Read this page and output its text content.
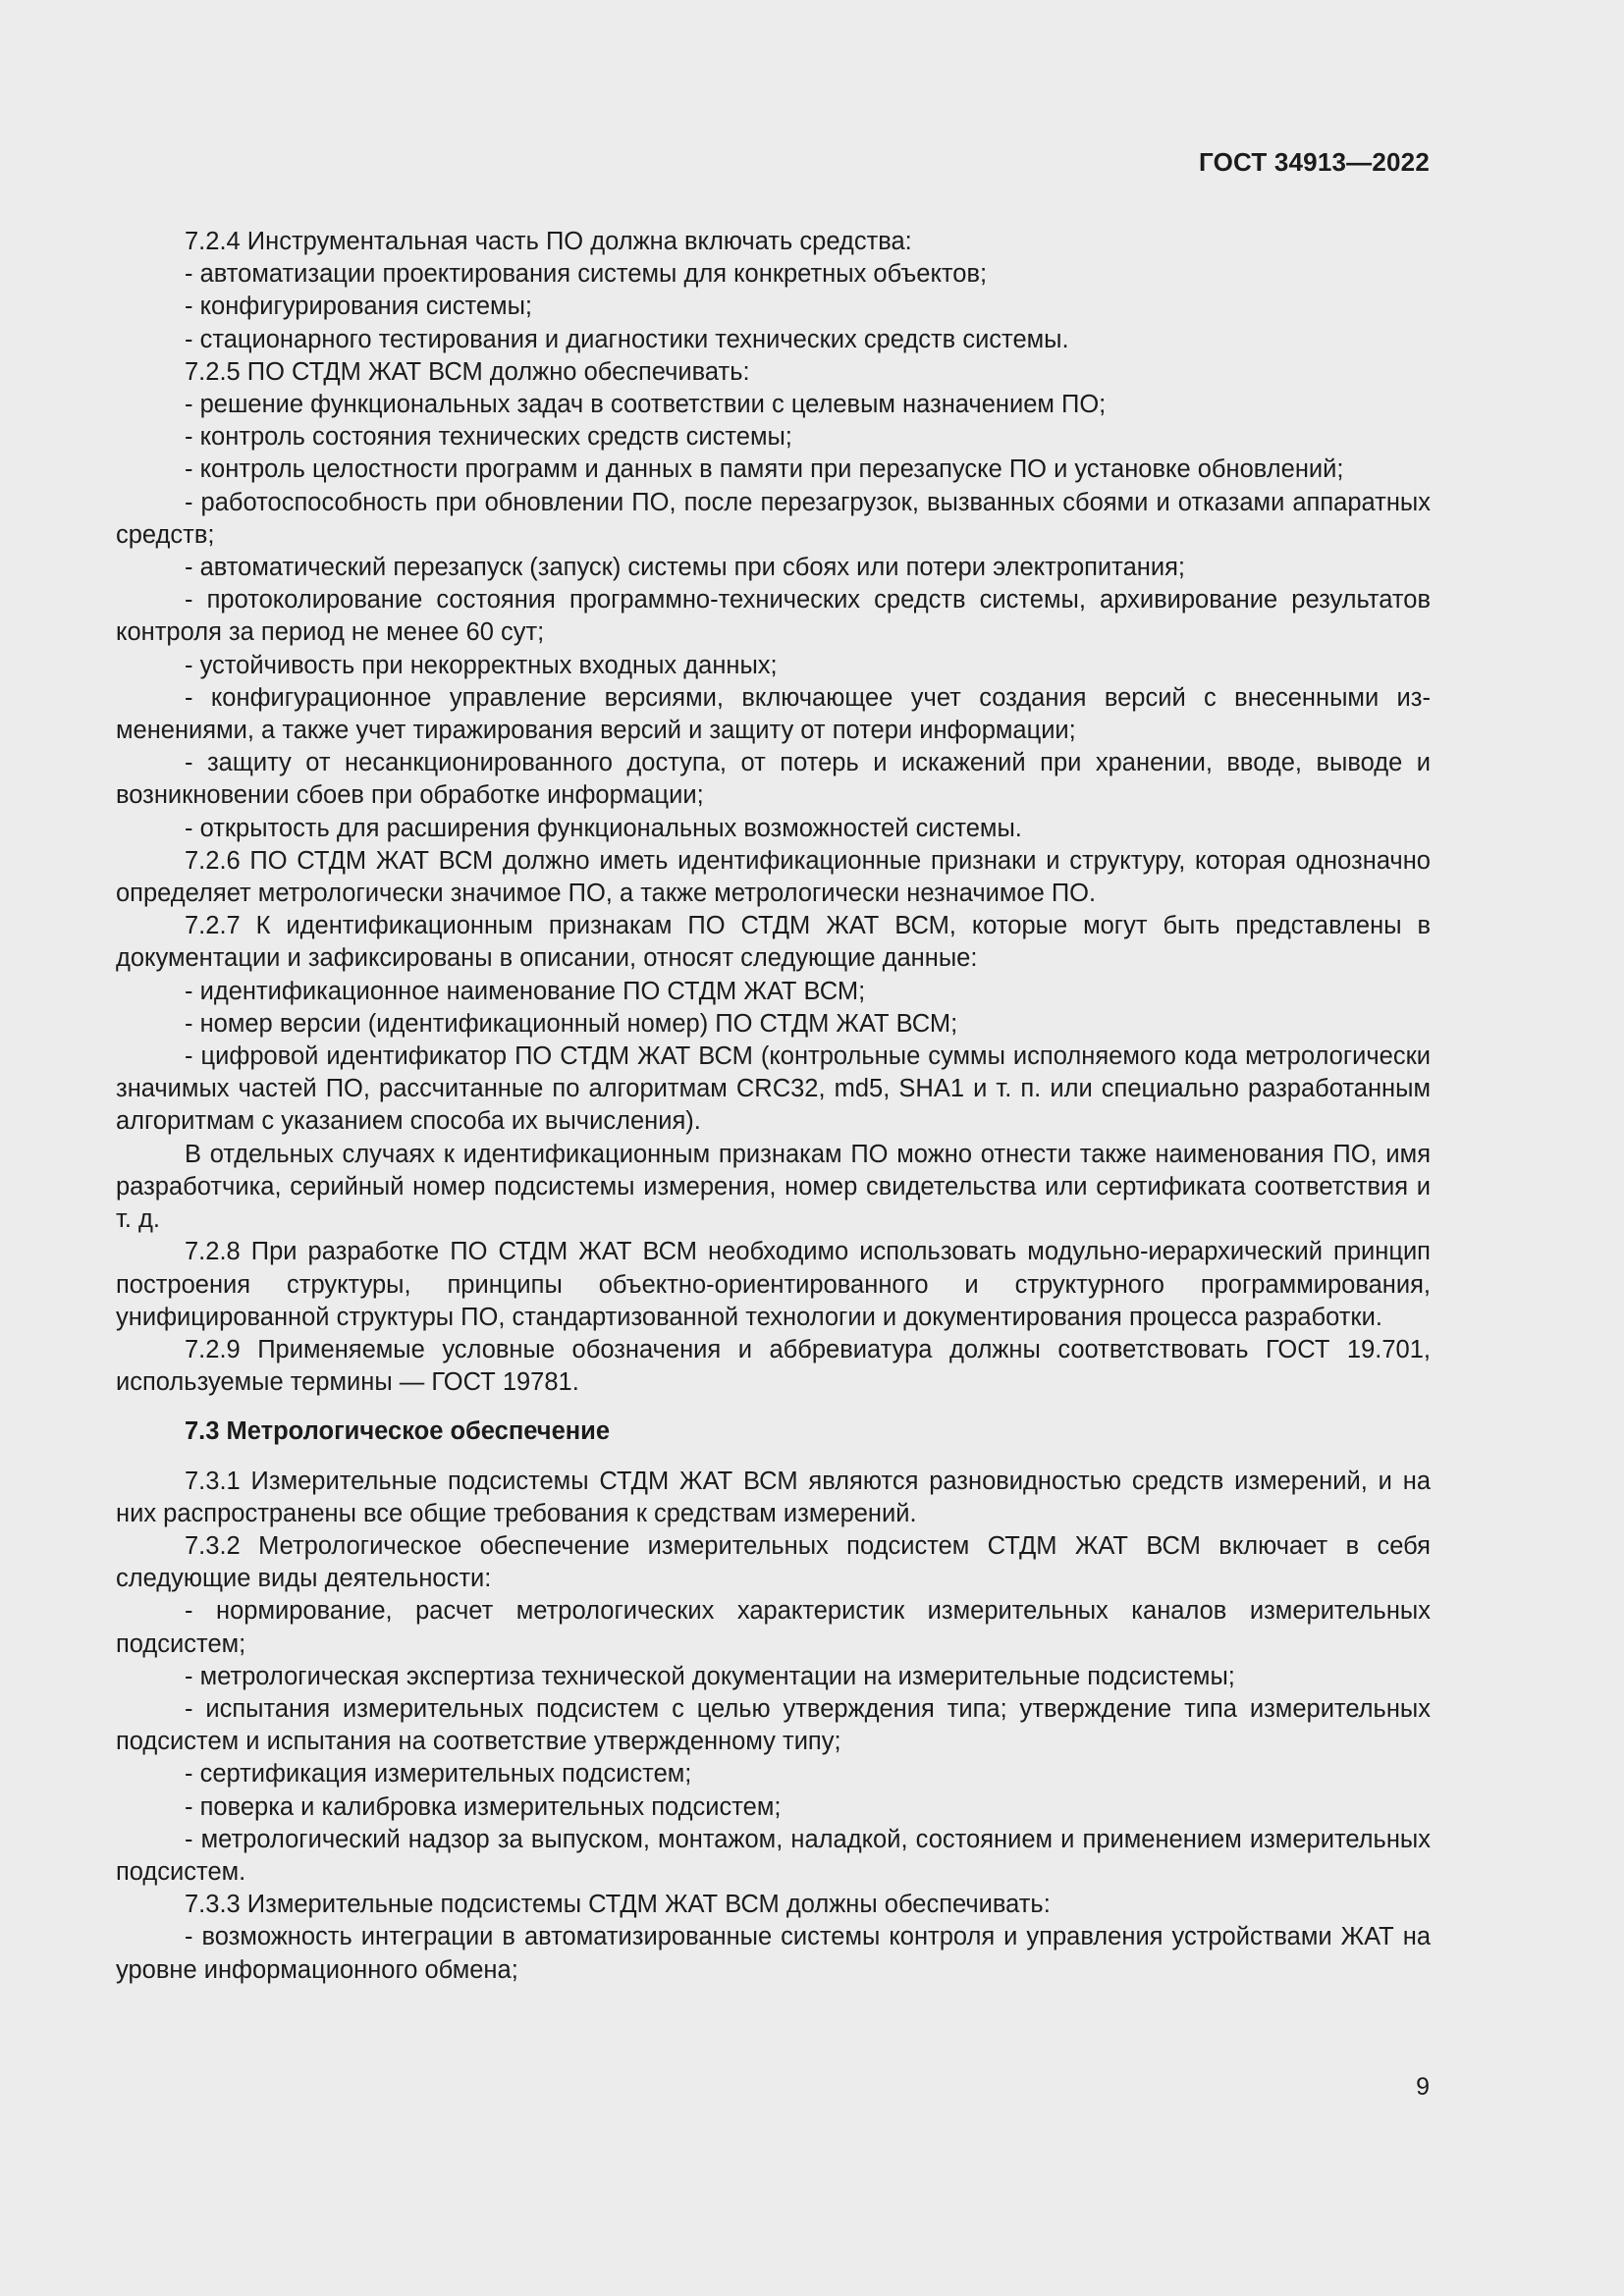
ГОСТ 34913—2022

7.2.4 Инструментальная часть ПО должна включать средства:

- автоматизации проектирования системы для конкретных объектов;

- конфигурирования системы;

- стационарного тестирования и диагностики технических средств системы.

7.2.5 ПО СТДМ ЖАТ ВСМ должно обеспечивать:

- решение функциональных задач в соответствии с целевым назначением ПО;

- контроль состояния технических средств системы;

- контроль целостности программ и данных в памяти при перезапуске ПО и установке обновлений;

- работоспособность при обновлении ПО, после перезагрузок, вызванных сбоями и отказами аппаратных средств;

- автоматический перезапуск (запуск) системы при сбоях или потери электропитания;

- протоколирование состояния программно-технических средств системы, архивирование результатов контроля за период не менее 60 сут;

- устойчивость при некорректных входных данных;

- конфигурационное управление версиями, включающее учет создания версий с внесенными изменениями, а также учет тиражирования версий и защиту от потери информации;

- защиту от несанкционированного доступа, от потерь и искажений при хранении, вводе, выводе и возникновении сбоев при обработке информации;

- открытость для расширения функциональных возможностей системы.

7.2.6 ПО СТДМ ЖАТ ВСМ должно иметь идентификационные признаки и структуру, которая однозначно определяет метрологически значимое ПО, а также метрологически незначимое ПО.

7.2.7 К идентификационным признакам ПО СТДМ ЖАТ ВСМ, которые могут быть представлены в документации и зафиксированы в описании, относят следующие данные:

- идентификационное наименование ПО СТДМ ЖАТ ВСМ;

- номер версии (идентификационный номер) ПО СТДМ ЖАТ ВСМ;

- цифровой идентификатор ПО СТДМ ЖАТ ВСМ (контрольные суммы исполняемого кода метрологически значимых частей ПО, рассчитанные по алгоритмам CRC32, md5, SHA1 и т. п. или специально разработанным алгоритмам с указанием способа их вычисления).

В отдельных случаях к идентификационным признакам ПО можно отнести также наименования ПО, имя разработчика, серийный номер подсистемы измерения, номер свидетельства или сертификата соответствия и т. д.

7.2.8 При разработке ПО СТДМ ЖАТ ВСМ необходимо использовать модульно-иерархический принцип построения структуры, принципы объектно-ориентированного и структурного программирования, унифицированной структуры ПО, стандартизованной технологии и документирования процесса разработки.

7.2.9 Применяемые условные обозначения и аббревиатура должны соответствовать ГОСТ 19.701, используемые термины — ГОСТ 19781.

7.3 Метрологическое обеспечение

7.3.1 Измерительные подсистемы СТДМ ЖАТ ВСМ являются разновидностью средств измерений, и на них распространены все общие требования к средствам измерений.

7.3.2 Метрологическое обеспечение измерительных подсистем СТДМ ЖАТ ВСМ включает в себя следующие виды деятельности:

- нормирование, расчет метрологических характеристик измерительных каналов измерительных подсистем;

- метрологическая экспертиза технической документации на измерительные подсистемы;

- испытания измерительных подсистем с целью утверждения типа; утверждение типа измерительных подсистем и испытания на соответствие утвержденному типу;

- сертификация измерительных подсистем;

- поверка и калибровка измерительных подсистем;

- метрологический надзор за выпуском, монтажом, наладкой, состоянием и применением измерительных подсистем.

7.3.3 Измерительные подсистемы СТДМ ЖАТ ВСМ должны обеспечивать:

- возможность интеграции в автоматизированные системы контроля и управления устройствами ЖАТ на уровне информационного обмена;

9
